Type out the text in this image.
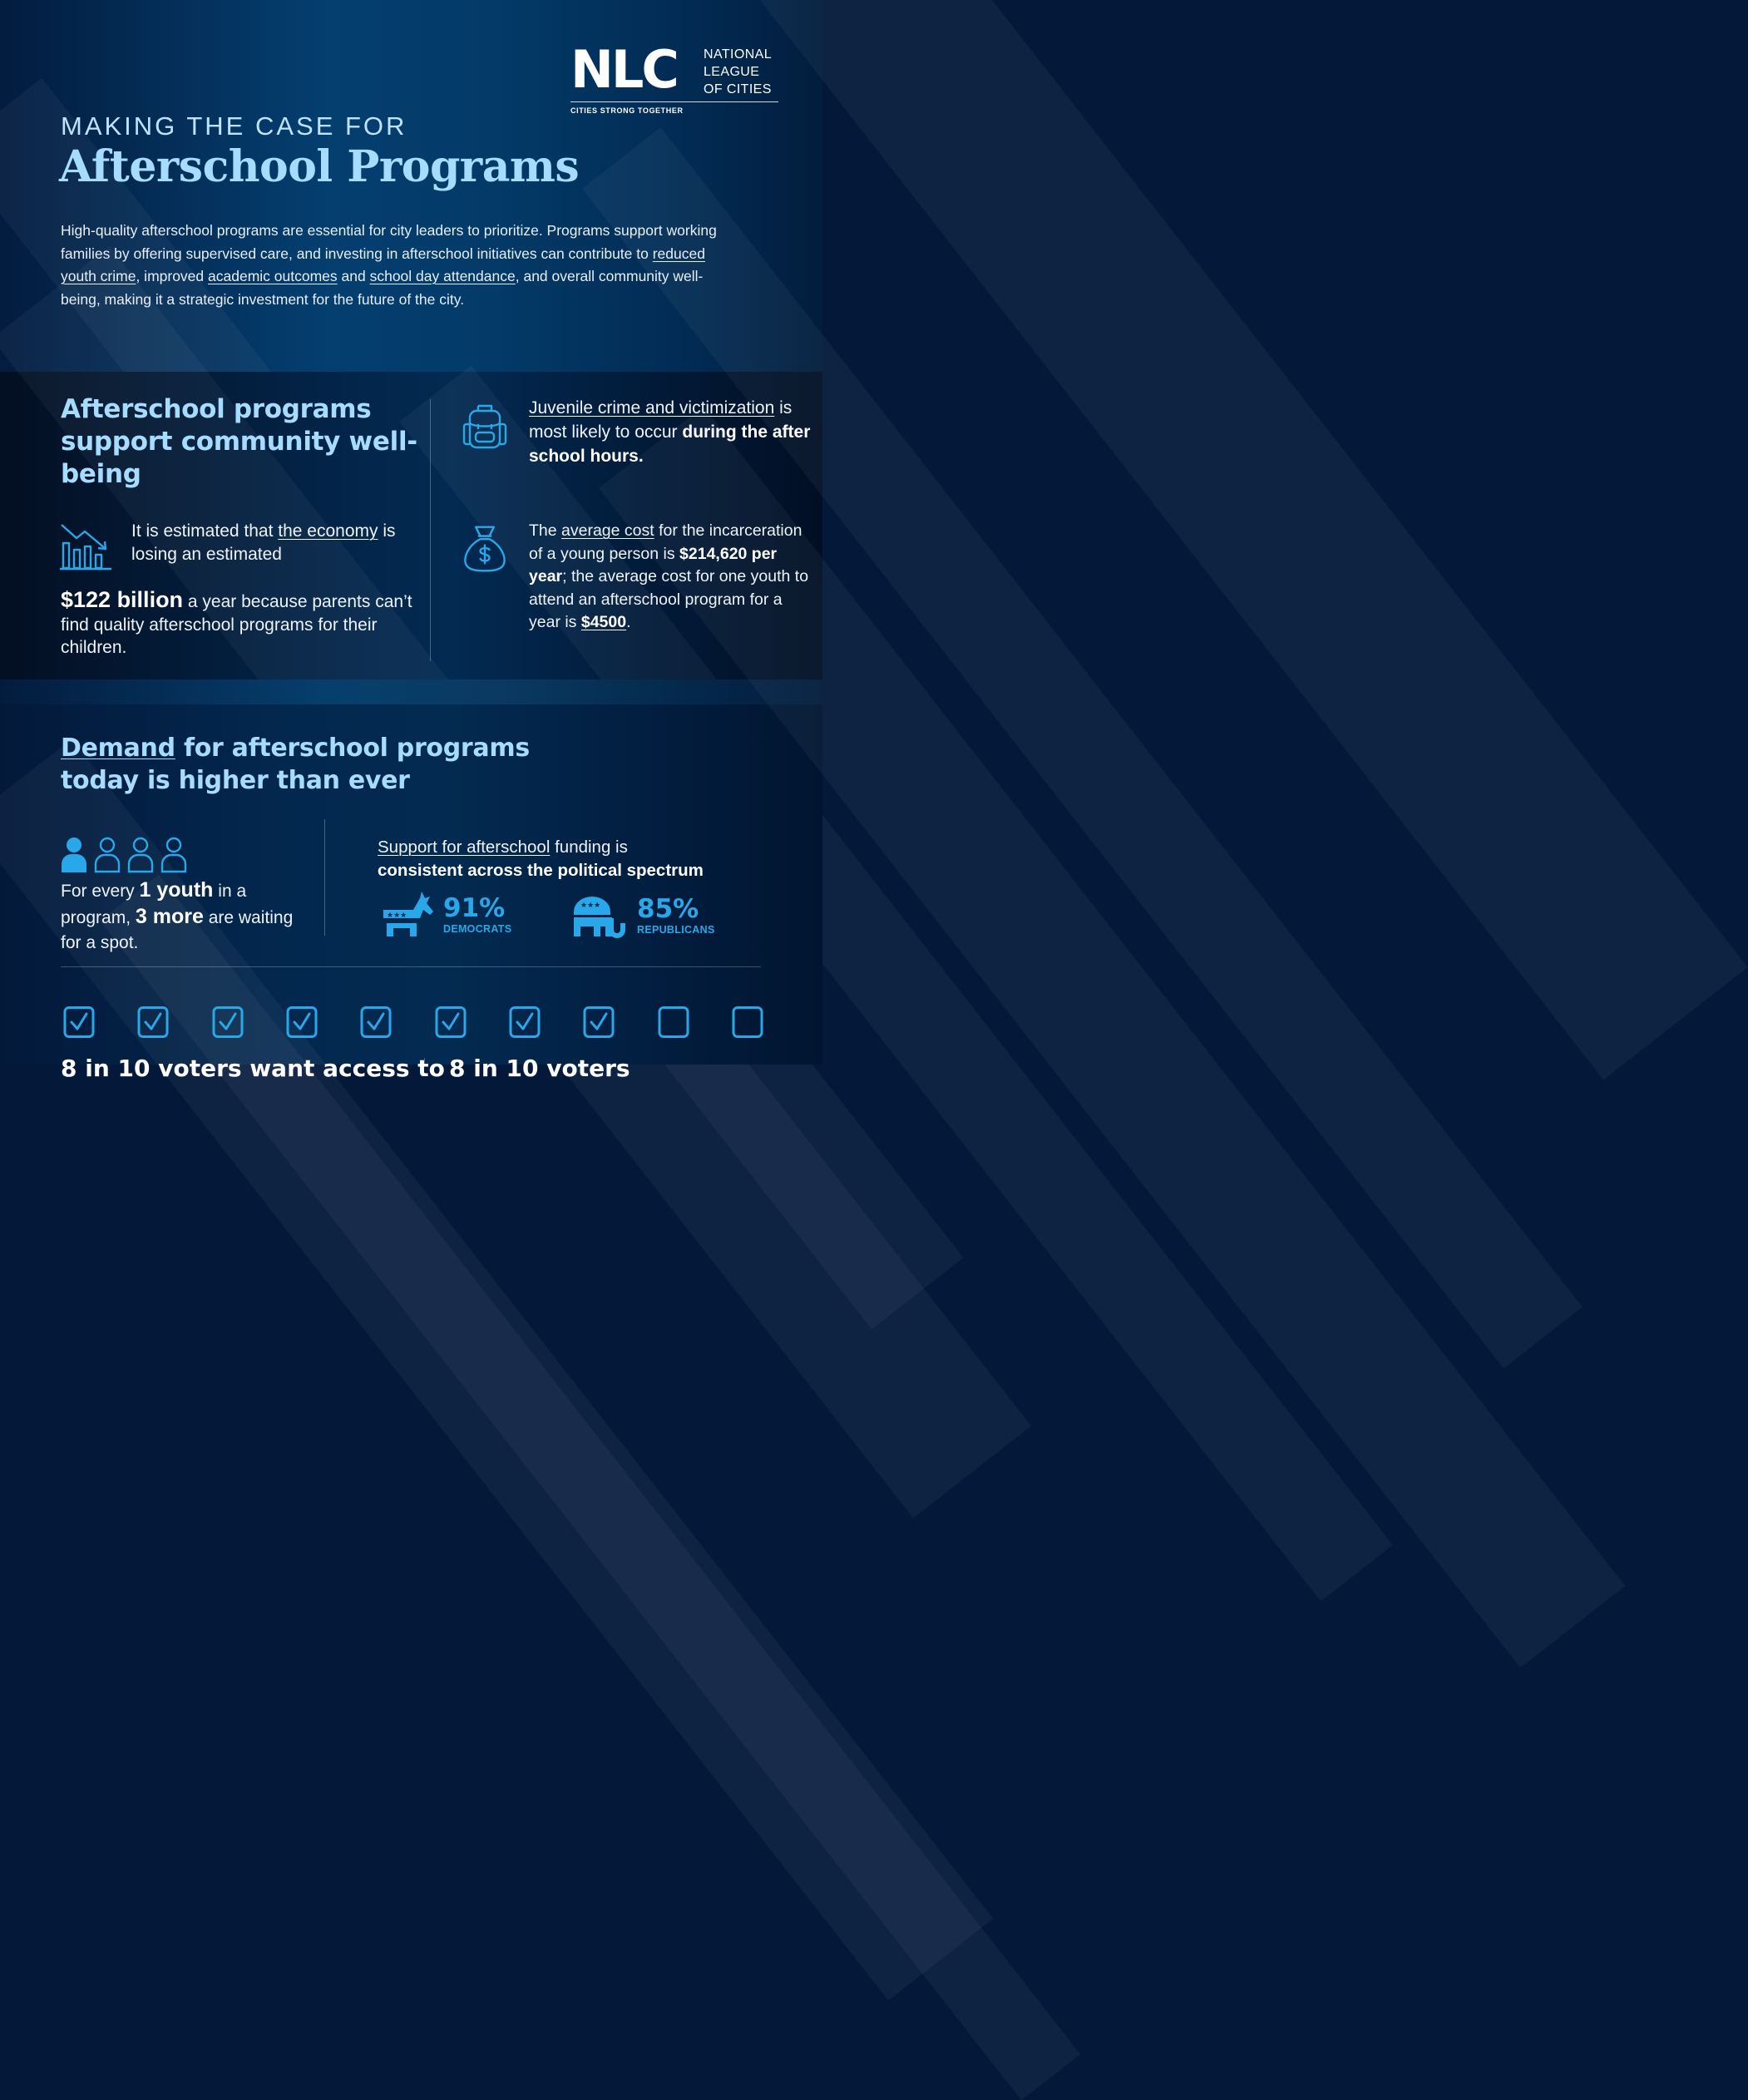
NLC NATIONAL
LEAGUE
OF CITIES
CITIES STRONG TOGETHER
MAKING THE CASE FOR
Afterschool Programs

High-quality afterschool programs are essential for city leaders to prioritize. Programs support working families by offering supervised care, and investing in afterschool initiatives can contribute to reduced youth crime, improved academic outcomes and school day attendance, and overall community well-being, making it a strategic investment for the future of the city.

Afterschool programs support community well-being
It is estimated that the economy is losing an estimated
$122 billion a year because parents can’t find quality afterschool programs for their children.
Juvenile crime and victimization is most likely to occur during the after school hours.
The average cost for the incarceration of a young person is $214,620 per year; the average cost for one youth to attend an afterschool program for a year is $4500.
Demand for afterschool programs today is higher than ever
For every 1 youth in a program, 3 more are waiting for a spot.
Support for afterschool funding is
consistent across the political spectrum
★★★ 91%
DEMOCRATS
★★★ 85%
REPUBLICANS
8 in 10 voters want access to 8 in 10 voters
